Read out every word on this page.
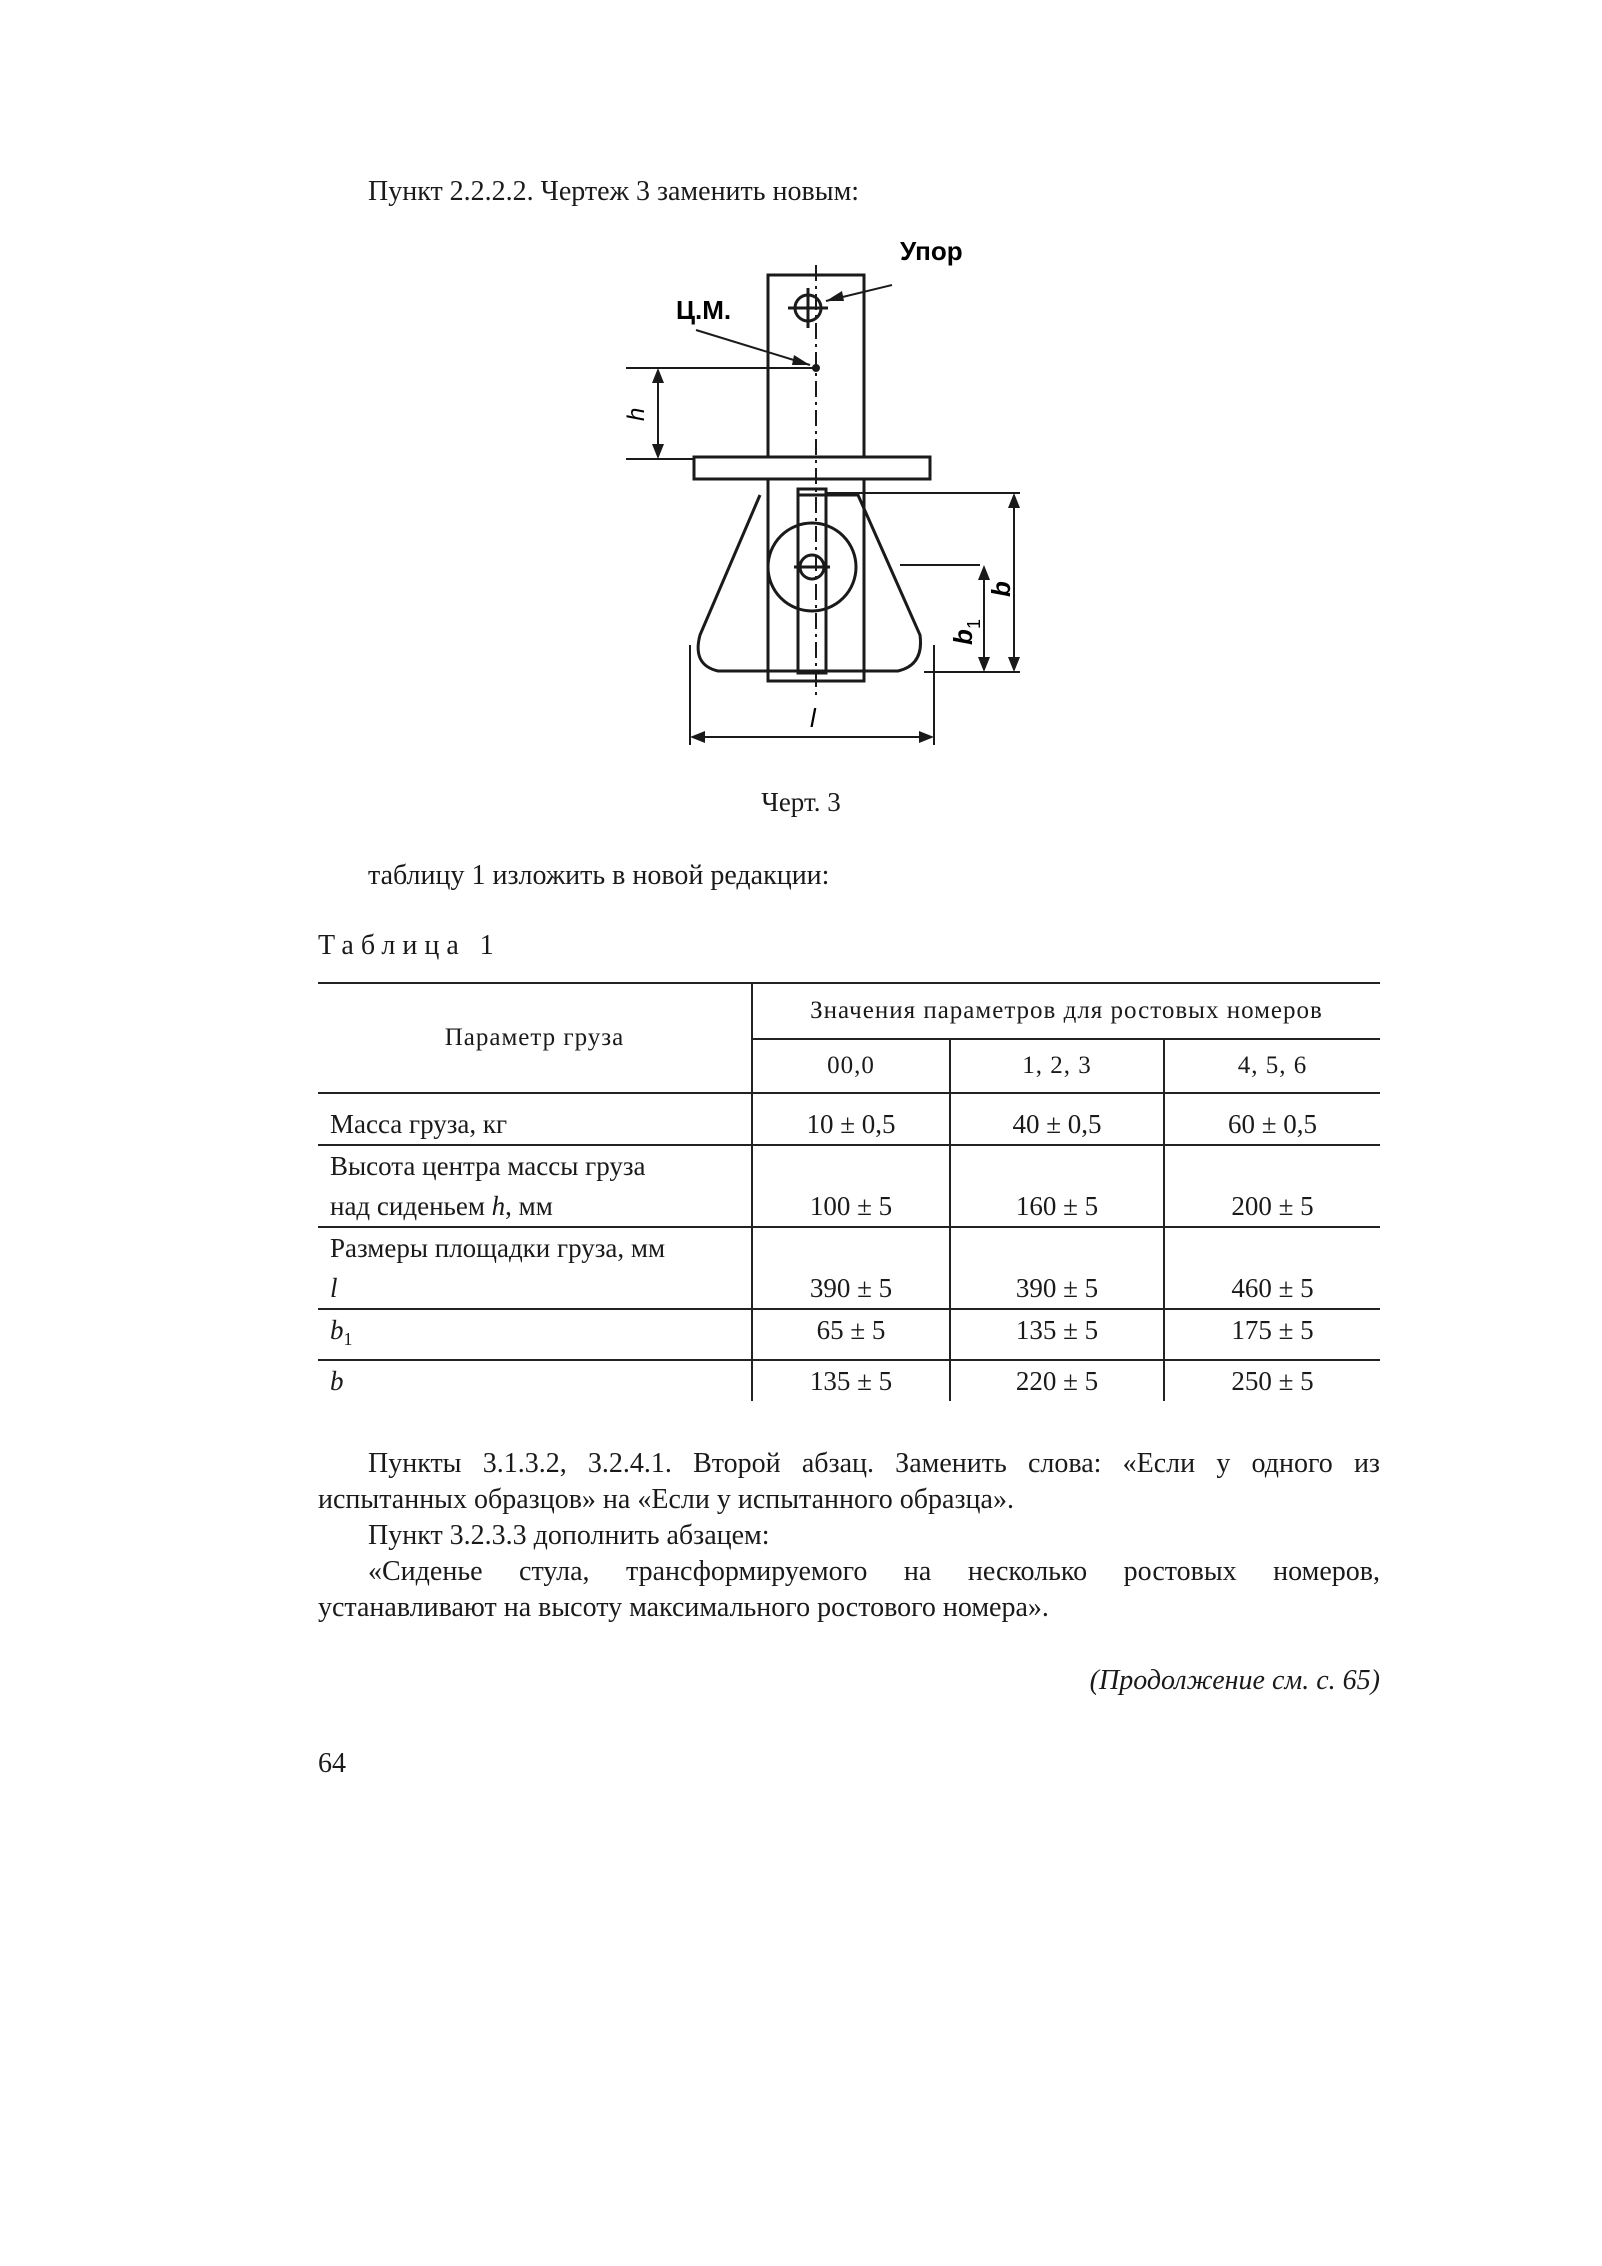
Пункт 2.2.2.2. Чертеж 3 заменить новым:
Упор
Ц.М.
h
b
b
1
l
Черт. 3
таблицу 1 изложить в новой редакции:
Таблица 1
Параметр груза	Значения параметров для ростовых номеров		
	00,0	1, 2, 3	4, 5, 6
Масса груза, кг	10 ± 0,5	40 ± 0,5	60 ± 0,5

Высота центра массы груза
над сиденьем h, мм	100 ± 5	160 ± 5	200 ± 5

Размеры площадки груза, мм
l	390 ± 5	390 ± 5	460 ± 5
$b_1$	65 ± 5	135 ± 5	175 ± 5
b	135 ± 5	220 ± 5	250 ± 5

Пункты 3.1.3.2, 3.2.4.1. Второй абзац. Заменить слова: «Если у одного из испытанных образцов» на «Если у испытанного образца».

Пункт 3.2.3.3 дополнить абзацем:

«Сиденье стула, трансформируемого на несколько ростовых номеров, устанавливают на высоту максимального ростового номера».

(Продолжение см. с. 65)
64
